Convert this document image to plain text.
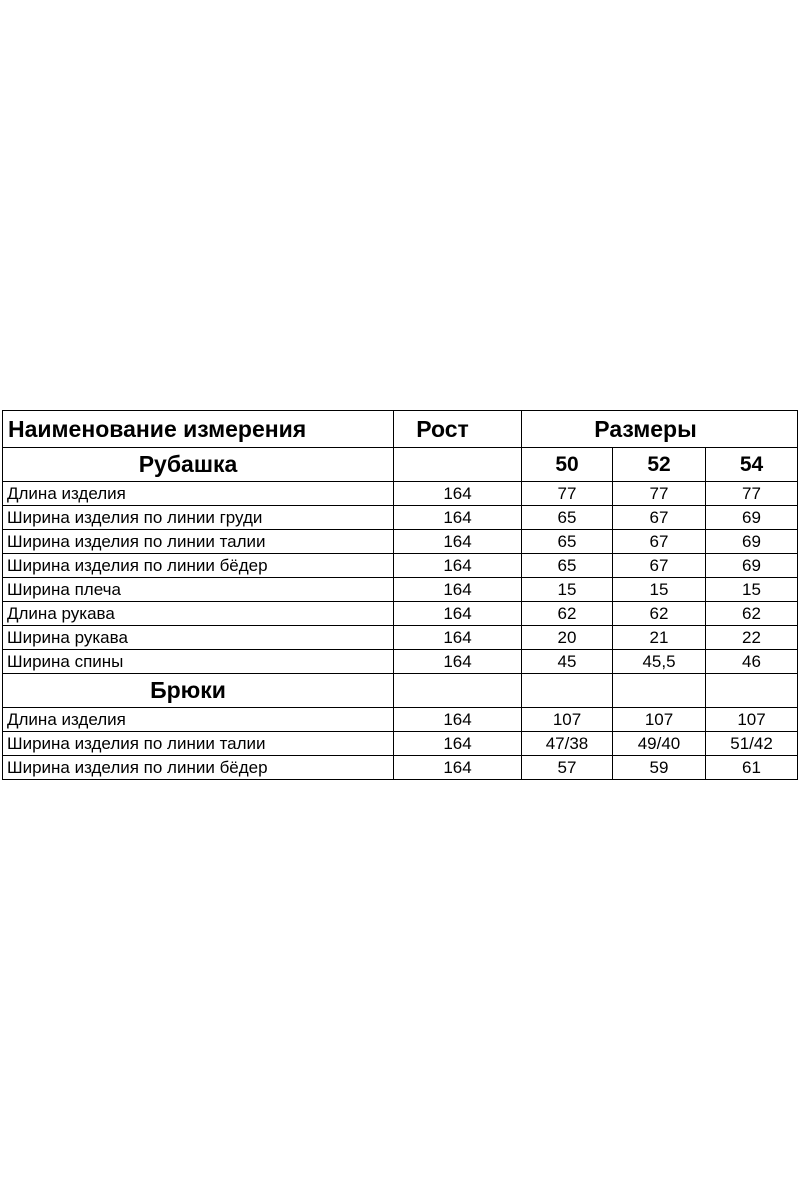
Наименование измерения	Рост	Размеры		
Рубашка		50	52	54
Длина изделия	164	77	77	77
Ширина изделия по линии груди	164	65	67	69
Ширина изделия по линии талии	164	65	67	69
Ширина изделия по линии бёдер	164	65	67	69
Ширина плеча	164	15	15	15
Длина рукава	164	62	62	62
Ширина рукава	164	20	21	22
Ширина спины	164	45	45,5	46
Брюки				
Длина изделия	164	107	107	107
Ширина изделия по линии талии	164	47/38	49/40	51/42
Ширина изделия по линии бёдер	164	57	59	61
